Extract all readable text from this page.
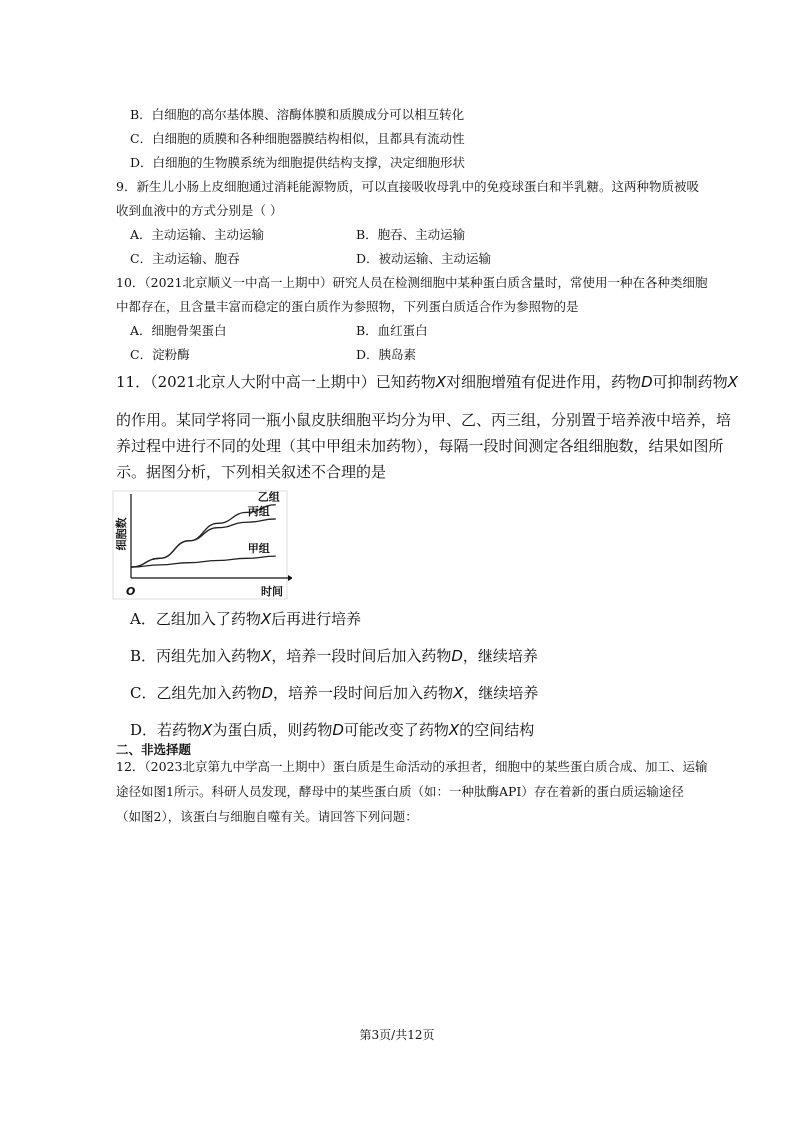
B．白细胞的高尔基体膜、溶酶体膜和质膜成分可以相互转化
C．白细胞的质膜和各种细胞器膜结构相似，且都具有流动性
D．白细胞的生物膜系统为细胞提供结构支撑，决定细胞形状
9．新生儿小肠上皮细胞通过消耗能源物质，可以直接吸收母乳中的免疫球蛋白和半乳糖。这两种物质被吸
收到血液中的方式分别是（ ）
A．主动运输、主动运输	B．胞吞、主动运输
C．主动运输、胞吞	D．被动运输、主动运输
10．（2021北京顺义一中高一上期中）研究人员在检测细胞中某种蛋白质含量时，常使用一种在各种类细胞
中都存在，且含量丰富而稳定的蛋白质作为参照物，下列蛋白质适合作为参照物的是
A．细胞骨架蛋白	B．血红蛋白
C．淀粉酶	D．胰岛素
11．（2021北京人大附中高一上期中）已知药物X对细胞增殖有促进作用，药物D可抑制药物X
的作用。某同学将同一瓶小鼠皮肤细胞平均分为甲、乙、丙三组，分别置于培养液中培养，培
养过程中进行不同的处理（其中甲组未加药物），每隔一段时间测定各组细胞数，结果如图所
示。据图分析，下列相关叙述不合理的是
细胞数
时间
O
乙组
丙组
甲组
A．乙组加入了药物X后再进行培养
B．丙组先加入药物X，培养一段时间后加入药物D，继续培养
C．乙组先加入药物D，培养一段时间后加入药物X，继续培养
D．若药物X为蛋白质，则药物D可能改变了药物X的空间结构
二、非选择题
12．（2023北京第九中学高一上期中）蛋白质是生命活动的承担者，细胞中的某些蛋白质合成、加工、运输
途径如图1所示。科研人员发现，酵母中的某些蛋白质（如：一种肽酶API）存在着新的蛋白质运输途径
（如图2），该蛋白与细胞自噬有关。请回答下列问题：
第3页/共12页
